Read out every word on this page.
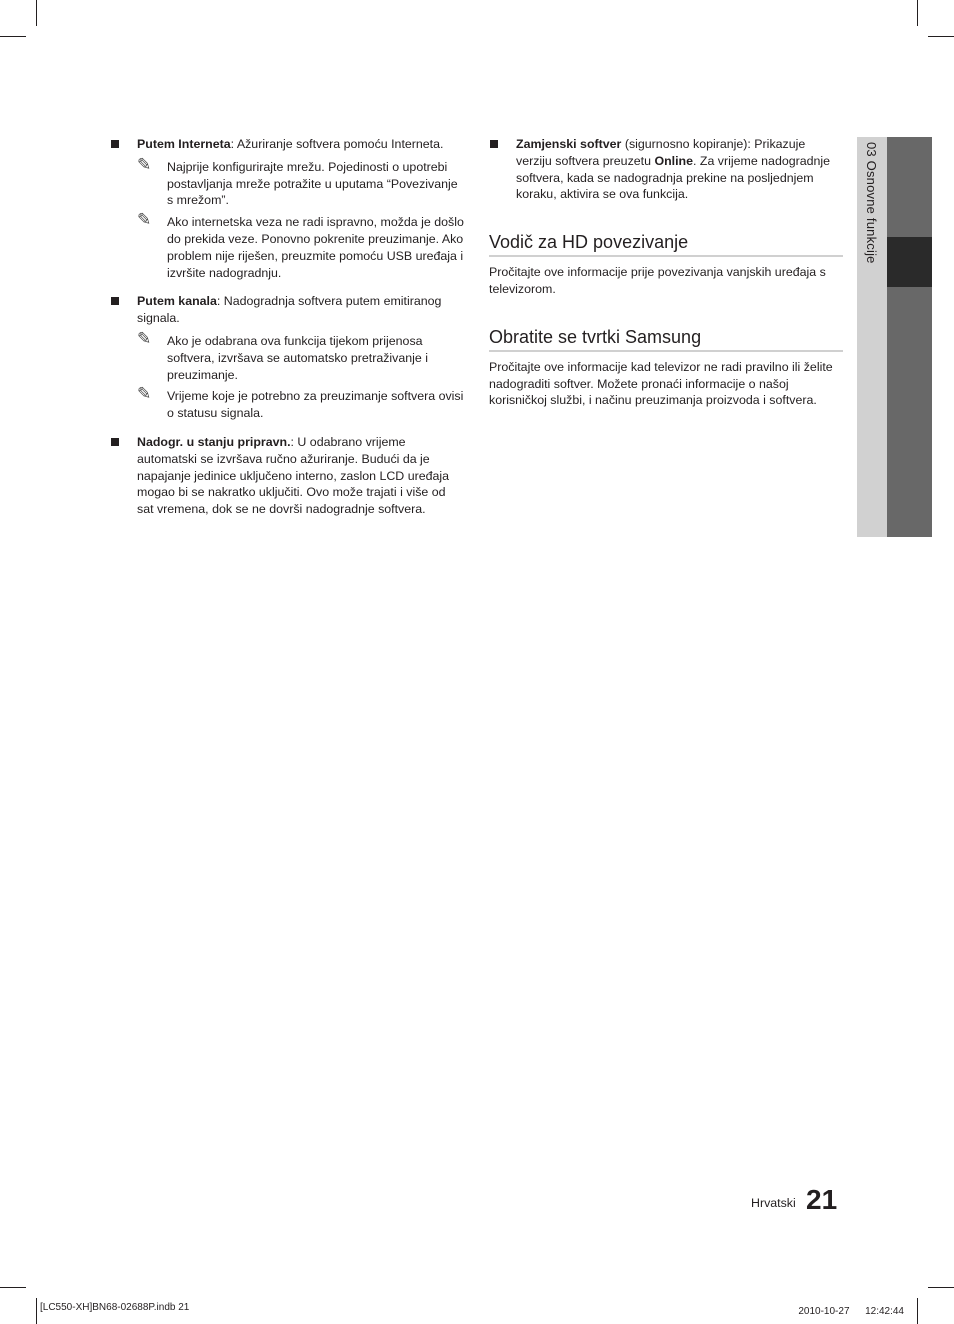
Putem Interneta: Ažuriranje softvera pomoću Interneta.
✎ Najprije konfigurirajte mrežu. Pojedinosti o upotrebi postavljanja mreže potražite u uputama “Povezivanje s mrežom”.
✎ Ako internetska veza ne radi ispravno, možda je došlo do prekida veze. Ponovno pokrenite preuzimanje. Ako problem nije riješen, preuzmite pomoću USB uređaja i izvršite nadogradnju.
Putem kanala: Nadogradnja softvera putem emitiranog signala.
✎ Ako je odabrana ova funkcija tijekom prijenosa softvera, izvršava se automatsko pretraživanje i preuzimanje.
✎ Vrijeme koje je potrebno za preuzimanje softvera ovisi o statusu signala.
Nadogr. u stanju pripravn.: U odabrano vrijeme automatski se izvršava ručno ažuriranje. Budući da je napajanje jedinice uključeno interno, zaslon LCD uređaja mogao bi se nakratko uključiti. Ovo može trajati i više od sat vremena, dok se ne dovrši nadogradnje softvera.
Zamjenski softver (sigurnosno kopiranje): Prikazuje verziju softvera preuzetu Online. Za vrijeme nadogradnje softvera, kada se nadogradnja prekine na posljednjem koraku, aktivira se ova funkcija.
Vodič za HD povezivanje

Pročitajte ove informacije prije povezivanja vanjskih uređaja s televizorom.

Obratite se tvrtki Samsung

Pročitajte ove informacije kad televizor ne radi pravilno ili želite nadograditi softver. Možete pronaći informacije o našoj korisničkoj službi, i načinu preuzimanja proizvoda i softvera.

03 Osnovne funkcije
Hrvatski 21
[LC550-XH]BN68-02688P.indb 21	2010-10-27 　 12:42:44
